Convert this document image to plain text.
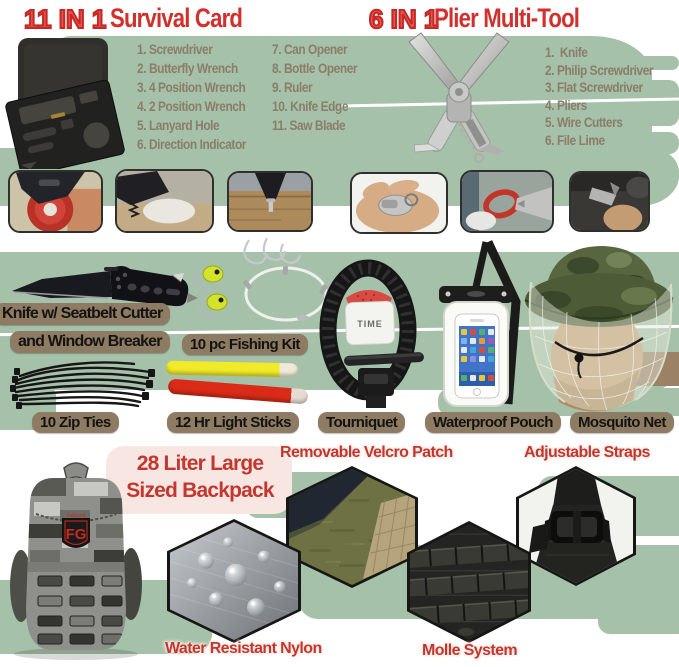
11 IN 1 Survival Card	6 IN 1
Plier Multi-Tool
1. Screwdriver
2. Butterfly Wrench
3. 4 Position Wrench
4. 2 Position Wrench
5. Lanyard Hole
6. Direction Indicator
7. Can Opener
8. Bottle Opener
9. Ruler
10. Knife Edge
11. Saw Blade
1.  Knife
2. Philip Screwdriver
3. Flat Screwdriver
4. Pliers
5. Wire Cutters
6. File Lime
Knife w/ Seatbelt Cutter
and Window Breaker	10 pc Fishing Kit
10 Zip Ties	12 Hr Light Sticks
TIME
Tourniquet	Waterproof Pouch	Mosquito Net
28 Liter Large
Sized Backpack
Falkland
FG
Removable Velcro Patch	Adjustable Straps
Water Resistant Nylon	Molle System
